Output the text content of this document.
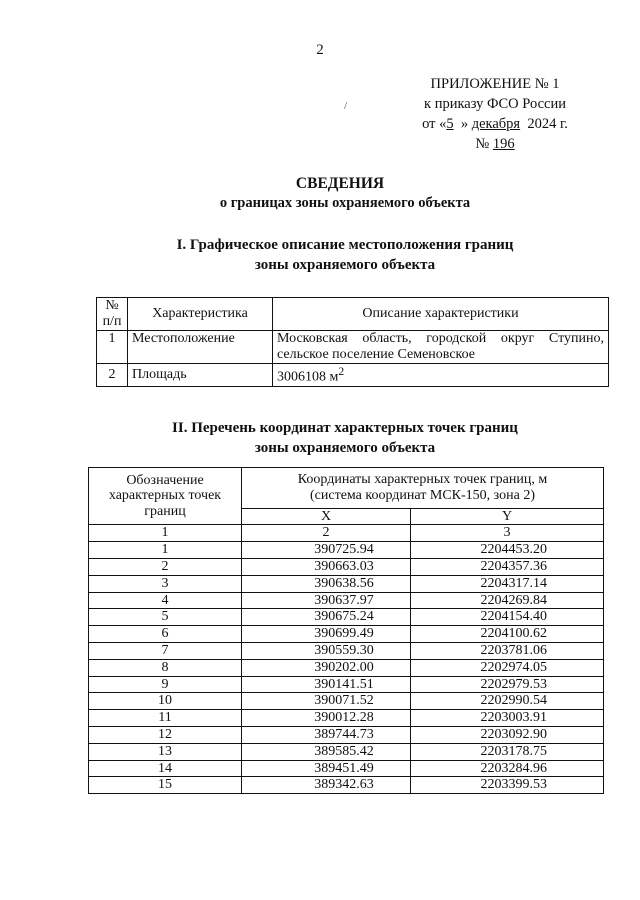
2
ПРИЛОЖЕНИЕ № 1
к приказу ФСО России
от «5 » декабря 2024 г.
№ 196
/
СВЕДЕНИЯ
о границах зоны охраняемого объекта
I. Графическое описание местоположения границ
зоны охраняемого объекта
№ п/п	Характеристика	Описание характеристики
1	Местоположение	Московская область, городской округ Ступино, сельское поселение Семеновское
2	Площадь	3006108 $м^2$
II. Перечень координат характерных точек границ
зоны охраняемого объекта
Обозначение характерных точек границ	Координаты характерных точек границ, м (система координат МСК-150, зона 2)	
	X	Y
1	2	3
1	390725.94	2204453.20
2	390663.03	2204357.36
3	390638.56	2204317.14
4	390637.97	2204269.84
5	390675.24	2204154.40
6	390699.49	2204100.62
7	390559.30	2203781.06
8	390202.00	2202974.05
9	390141.51	2202979.53
10	390071.52	2202990.54
11	390012.28	2203003.91
12	389744.73	2203092.90
13	389585.42	2203178.75
14	389451.49	2203284.96
15	389342.63	2203399.53
